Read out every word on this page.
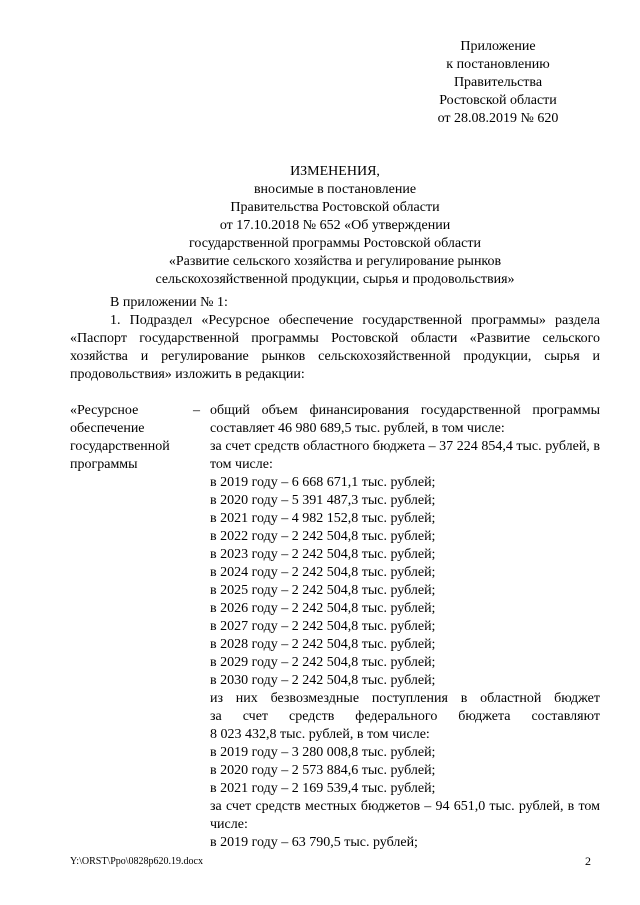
Приложение
к постановлению
Правительства
Ростовской области
от 28.08.2019 № 620
ИЗМЕНЕНИЯ,
вносимые в постановление
Правительства Ростовской области
от 17.10.2018 № 652 «Об утверждении
государственной программы Ростовской области
«Развитие сельского хозяйства и регулирование рынков
сельскохозяйственной продукции, сырья и продовольствия»
В приложении № 1:
1. Подраздел «Ресурсное обеспечение государственной программы» раздела «Паспорт государственной программы Ростовской области «Развитие сельского хозяйства и регулирование рынков сельскохозяйственной продукции, сырья и продовольствия» изложить в редакции:
«Ресурсное
обеспечение
государственной
программы
– общий объем финансирования государственной программы составляет 46 980 689,5 тыс. рублей, в том числе:
за счет средств областного бюджета – 37 224 854,4 тыс. рублей, в том числе:
в 2019 году – 6 668 671,1 тыс. рублей;
в 2020 году – 5 391 487,3 тыс. рублей;
в 2021 году – 4 982 152,8 тыс. рублей;
в 2022 году – 2 242 504,8 тыс. рублей;
в 2023 году – 2 242 504,8 тыс. рублей;
в 2024 году – 2 242 504,8 тыс. рублей;
в 2025 году – 2 242 504,8 тыс. рублей;
в 2026 году – 2 242 504,8 тыс. рублей;
в 2027 году – 2 242 504,8 тыс. рублей;
в 2028 году – 2 242 504,8 тыс. рублей;
в 2029 году – 2 242 504,8 тыс. рублей;
в 2030 году – 2 242 504,8 тыс. рублей;
из них безвозмездные поступления в областной бюджет
за счет средств федерального бюджета составляют
8 023 432,8 тыс. рублей, в том числе:
в 2019 году – 3 280 008,8 тыс. рублей;
в 2020 году – 2 573 884,6 тыс. рублей;
в 2021 году – 2 169 539,4 тыс. рублей;
за счет средств местных бюджетов – 94 651,0 тыс. рублей, в том числе:
в 2019 году – 63 790,5 тыс. рублей;
Y:\ORST\Ppo\0828p620.19.docx	2
